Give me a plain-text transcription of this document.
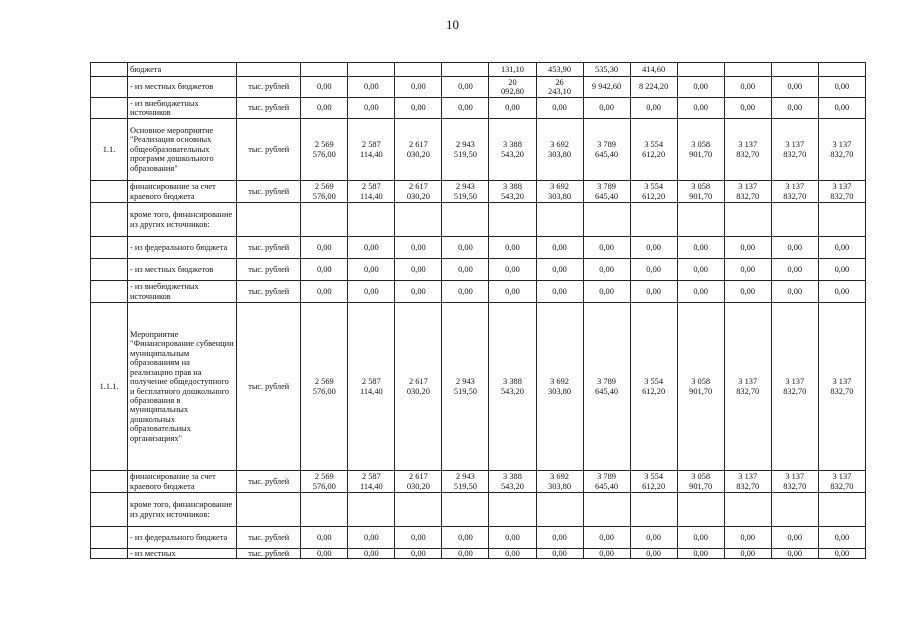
10
	бюджета						131,10	453,90	535,30	414,60				
	- из местных бюджетов	тыс. рублей	0,00	0,00	0,00	0,00	20
092,80	26
243,10	9 942,60	8 224,20	0,00	0,00	0,00	0,00
	- из внебюджетных источников	тыс. рублей	0,00	0,00	0,00	0,00	0,00	0,00	0,00	0,00	0,00	0,00	0,00	0,00
1.1.	Основное мероприятие "Реализация основных общеобразовательных программ дошкольного образования"	тыс. рублей	2 569
576,00	2 587
114,40	2 617
030,20	2 943
519,50	3 388
543,20	3 692
303,80	3 789
645,40	3 554
612,20	3 058
901,70	3 137
832,70	3 137
832,70	3 137
832,70
	финансирование за счет краевого бюджета	тыс. рублей	2 569
576,00	2 587
114,40	2 617
030,20	2 943
519,50	3 388
543,20	3 692
303,80	3 789
645,40	3 554
612,20	3 058
901,70	3 137
832,70	3 137
832,70	3 137
832,70
	кроме того, финансирование из других источников:													
	- из федерального бюджета	тыс. рублей	0,00	0,00	0,00	0,00	0,00	0,00	0,00	0,00	0,00	0,00	0,00	0,00
	- из местных бюджетов	тыс. рублей	0,00	0,00	0,00	0,00	0,00	0,00	0,00	0,00	0,00	0,00	0,00	0,00
	- из внебюджетных источников	тыс. рублей	0,00	0,00	0,00	0,00	0,00	0,00	0,00	0,00	0,00	0,00	0,00	0,00
1.1.1.	Мероприятие "Финансирование субвенции муниципальным образованиям на реализацию прав на получение общедоступного и бесплатного дошкольного образования в муниципальных дошкольных образовательных организациях"	тыс. рублей	2 569
576,00	2 587
114,40	2 617
030,20	2 943
519,50	3 388
543,20	3 692
303,80	3 789
645,40	3 554
612,20	3 058
901,70	3 137
832,70	3 137
832,70	3 137
832,70
	финансирование за счет краевого бюджета	тыс. рублей	2 569
576,00	2 587
114,40	2 617
030,20	2 943
519,50	3 388
543,20	3 692
303,80	3 789
645,40	3 554
612,20	3 058
901,70	3 137
832,70	3 137
832,70	3 137
832,70
	кроме того, финансирование из других источников:													
	- из федерального бюджета	тыс. рублей	0,00	0,00	0,00	0,00	0,00	0,00	0,00	0,00	0,00	0,00	0,00	0,00
	- из местных	тыс. рублей	0,00	0,00	0,00	0,00	0,00	0,00	0,00	0,00	0,00	0,00	0,00	0,00
